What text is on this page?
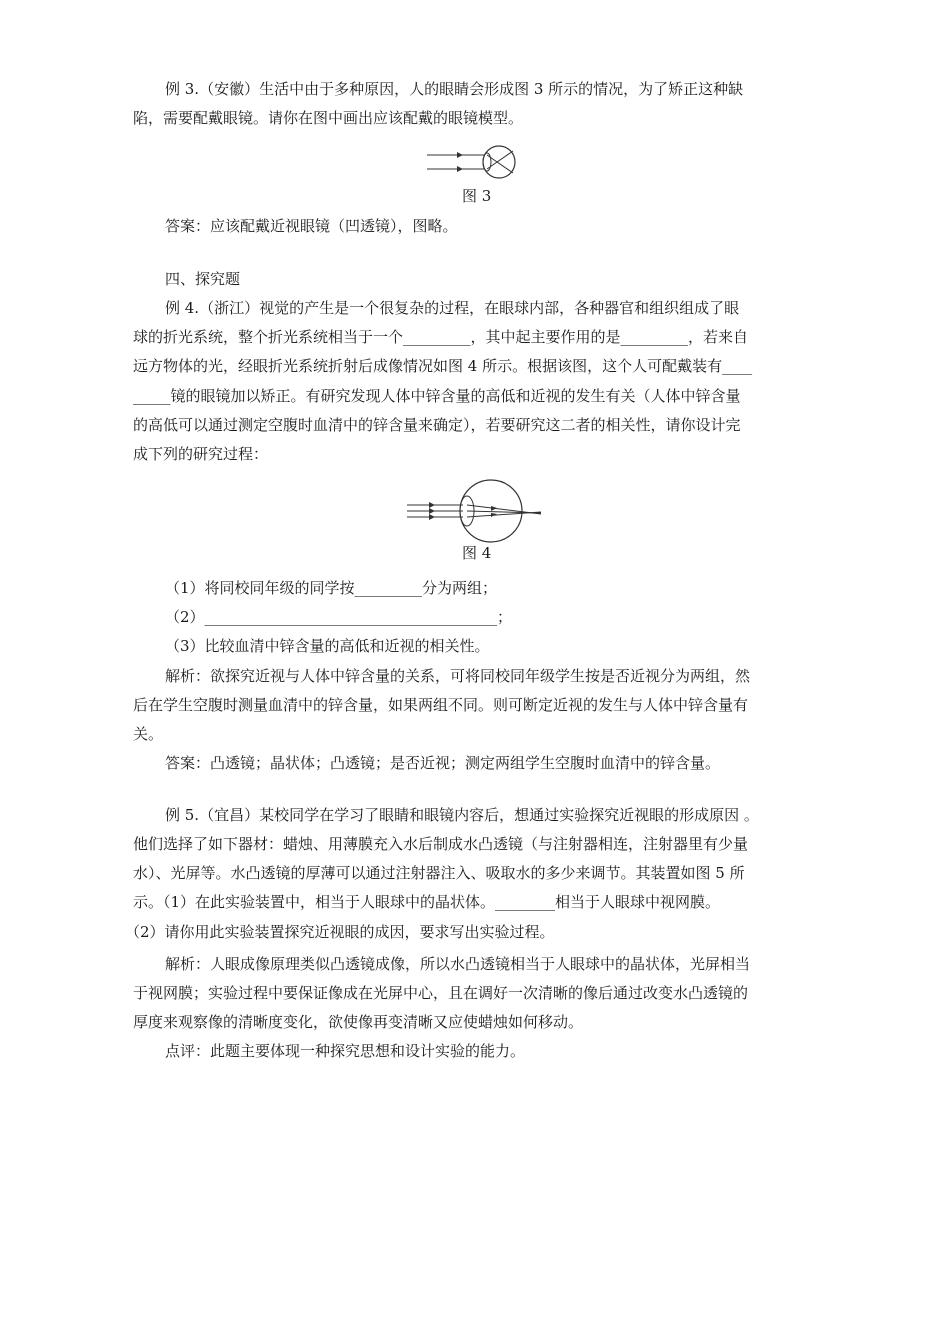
例 3.（安徽）生活中由于多种原因，人的眼睛会形成图 3 所示的情况，为了矫正这种缺

陷，需要配戴眼镜。请你在图中画出应该配戴的眼镜模型。

图 3

答案：应该配戴近视眼镜（凹透镜），图略。

四、探究题

例 4.（浙江）视觉的产生是一个很复杂的过程，在眼球内部，各种器官和组织组成了眼

球的折光系统，整个折光系统相当于一个_________，其中起主要作用的是_________，若来自

远方物体的光，经眼折光系统折射后成像情况如图 4 所示。根据该图，这个人可配戴装有____

_____镜的眼镜加以矫正。有研究发现人体中锌含量的高低和近视的发生有关（人体中锌含量

的高低可以通过测定空腹时血清中的锌含量来确定），若要研究这二者的相关性，请你设计完

成下列的研究过程：

图 4

（1）将同校同年级的同学按_________分为两组；

（2）_______________________________________；

（3）比较血清中锌含量的高低和近视的相关性。

解析：欲探究近视与人体中锌含量的关系，可将同校同年级学生按是否近视分为两组，然

后在学生空腹时测量血清中的锌含量，如果两组不同。则可断定近视的发生与人体中锌含量有

关。

答案：凸透镜；晶状体；凸透镜；是否近视；测定两组学生空腹时血清中的锌含量。

例 5.（宜昌）某校同学在学习了眼睛和眼镜内容后，想通过实验探究近视眼的形成原因 。

他们选择了如下器材：蜡烛、用薄膜充入水后制成水凸透镜（与注射器相连，注射器里有少量

水）、光屏等。水凸透镜的厚薄可以通过注射器注入、吸取水的多少来调节。其装置如图 5 所

示。（1）在此实验装置中，相当于人眼球中的晶状体。________相当于人眼球中视网膜。

（2）请你用此实验装置探究近视眼的成因，要求写出实验过程。

解析：人眼成像原理类似凸透镜成像，所以水凸透镜相当于人眼球中的晶状体，光屏相当

于视网膜；实验过程中要保证像成在光屏中心，且在调好一次清晰的像后通过改变水凸透镜的

厚度来观察像的清晰度变化，欲使像再变清晰又应使蜡烛如何移动。

点评：此题主要体现一种探究思想和设计实验的能力。
